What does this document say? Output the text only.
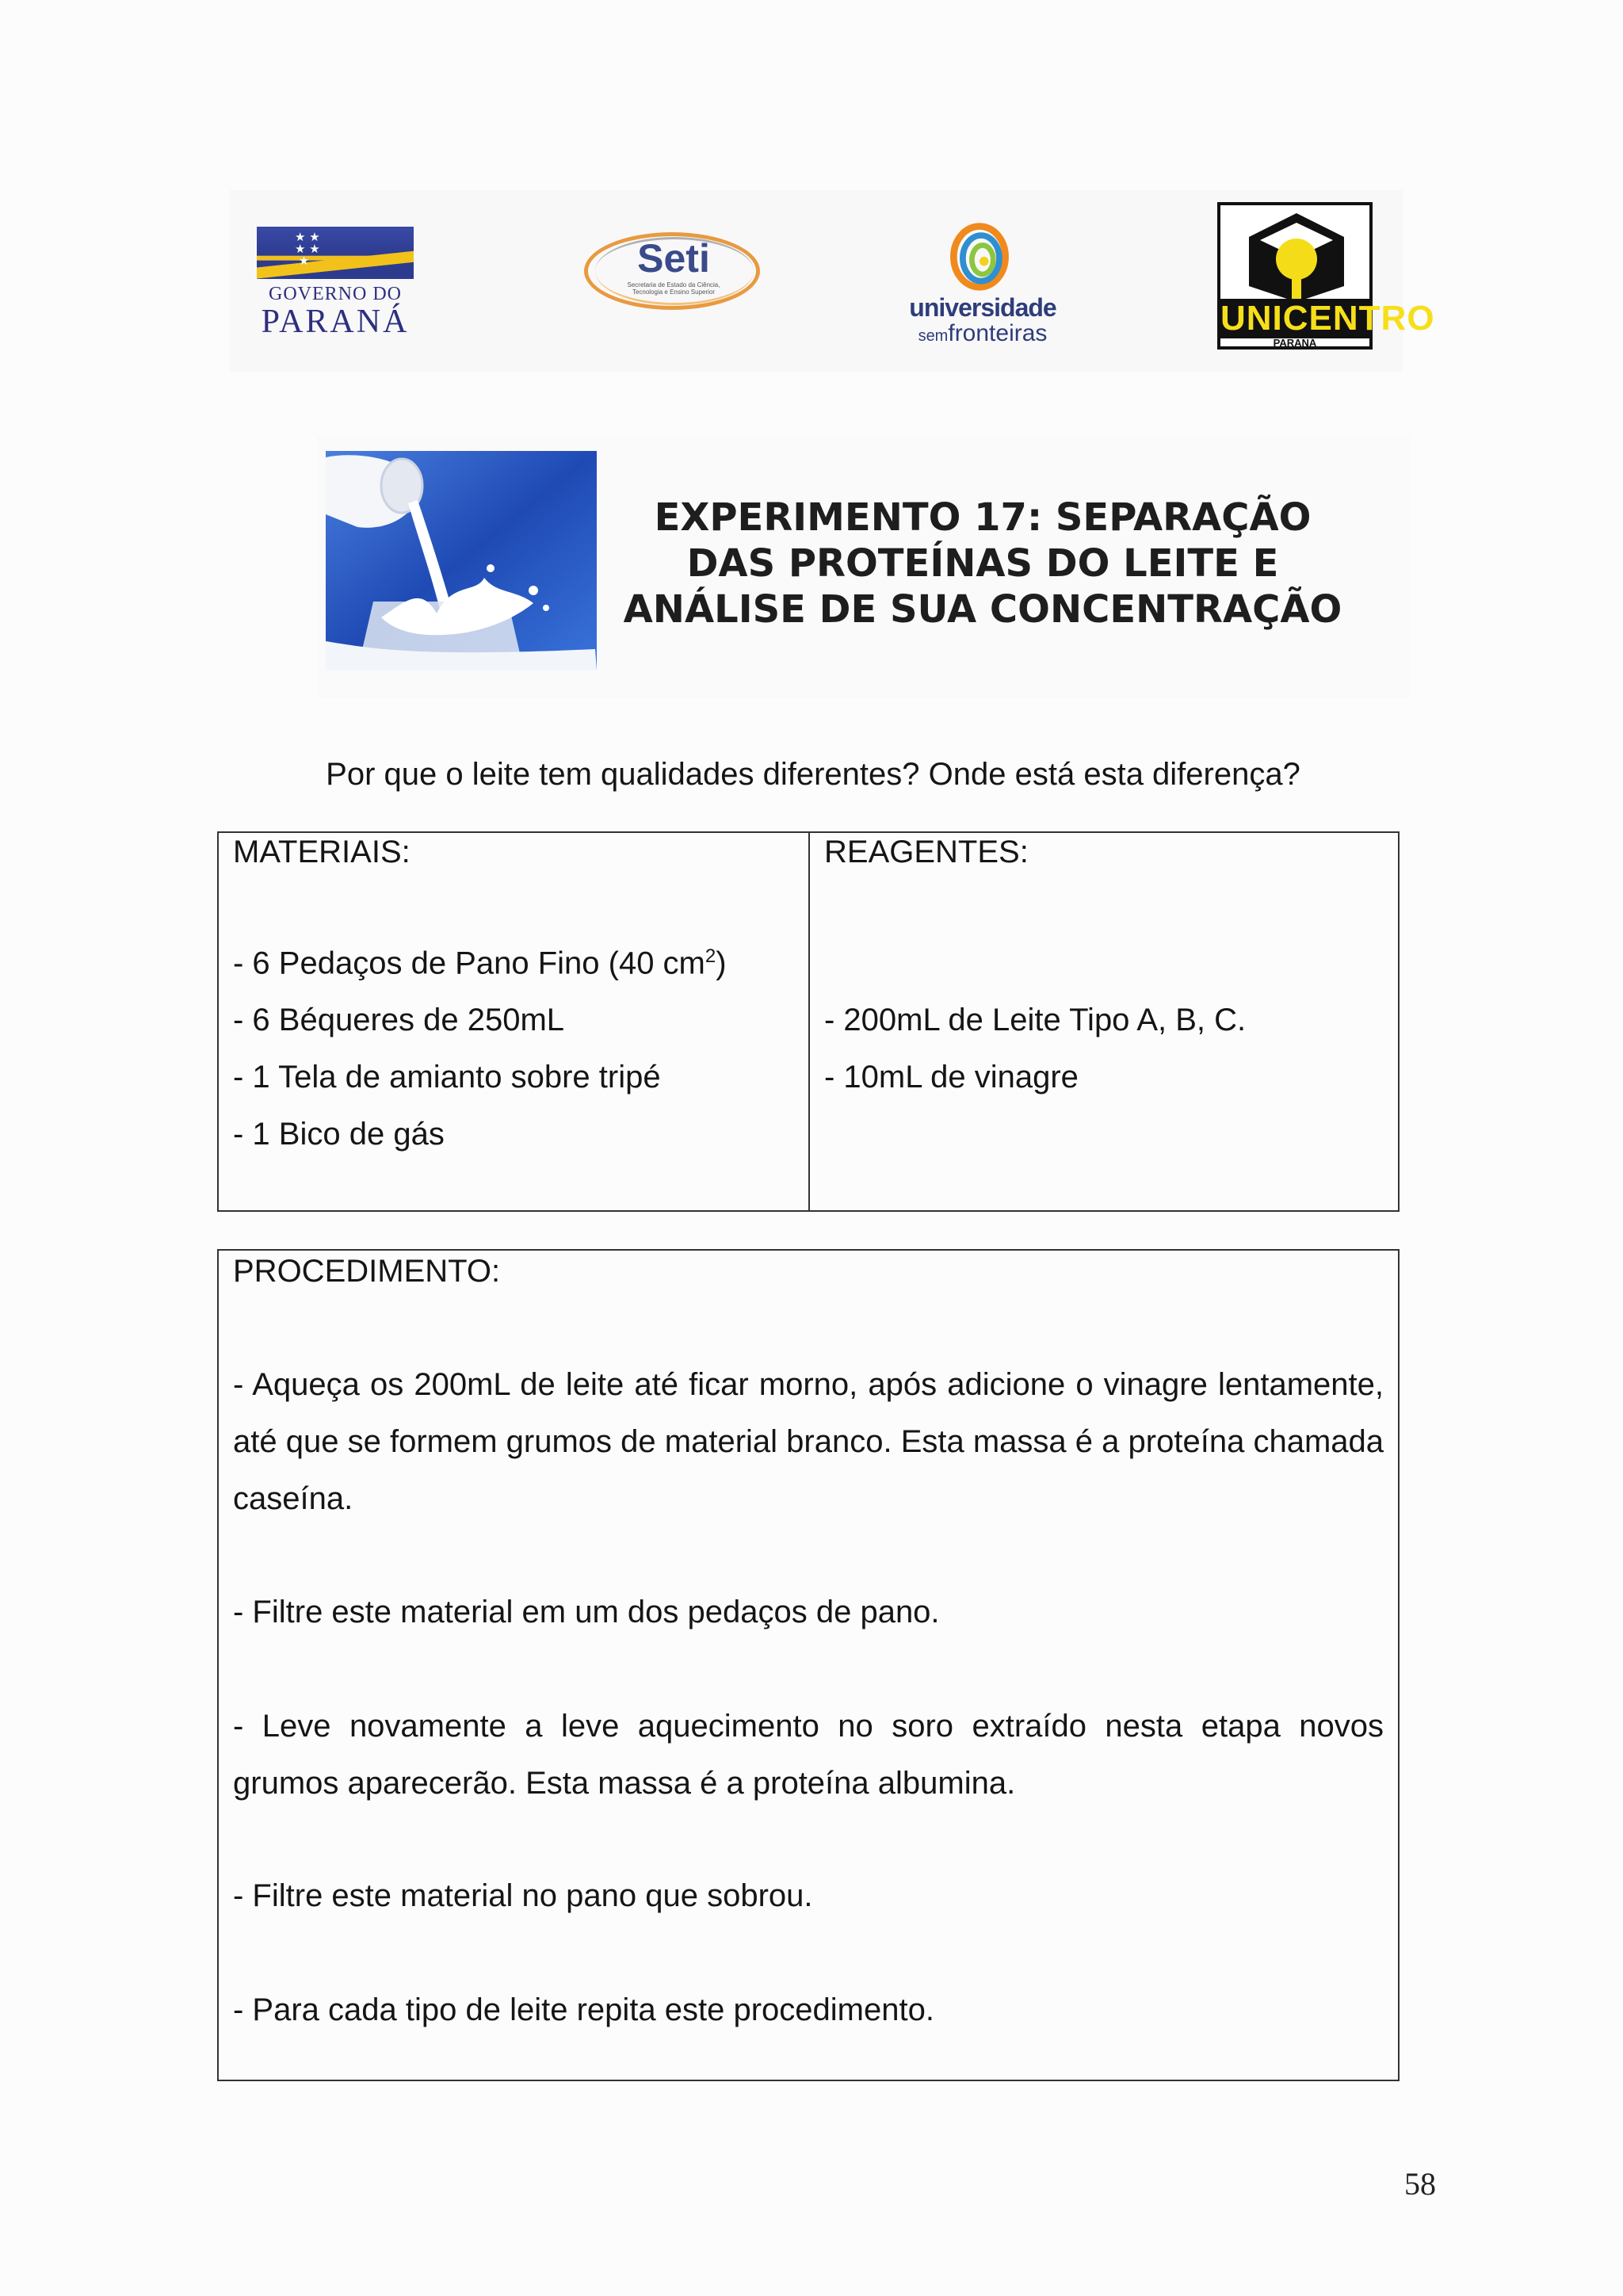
★ ★
★ ★
★
GOVERNO DO
PARANÁ
Seti
Secretaria de Estado da Ciência, Tecnologia e Ensino Superior
universidade
semfronteiras	UNICENTRO
PARANÁ
EXPERIMENTO 17: SEPARAÇÃO
DAS PROTEÍNAS DO LEITE E
ANÁLISE DE SUA CONCENTRAÇÃO
Por que o leite tem qualidades diferentes? Onde está esta diferença?
MATERIAIS:
- 6 Pedaços de Pano Fino (40 $cm^2$)
- 6 Béqueres de 250mL
- 1 Tela de amianto sobre tripé
- 1 Bico de gás
REAGENTES:
- 200mL de Leite Tipo A, B, C.
- 10mL de vinagre
PROCEDIMENTO:
- Aqueça os 200mL de leite até ficar morno, após adicione o vinagre lentamente, até que se formem grumos de material branco. Esta massa é a proteína chamada caseína.
- Filtre este material em um dos pedaços de pano.
- Leve novamente a leve aquecimento no soro extraído nesta etapa novos grumos aparecerão. Esta massa é a proteína albumina.
- Filtre este material no pano que sobrou.
- Para cada tipo de leite repita este procedimento.
58
